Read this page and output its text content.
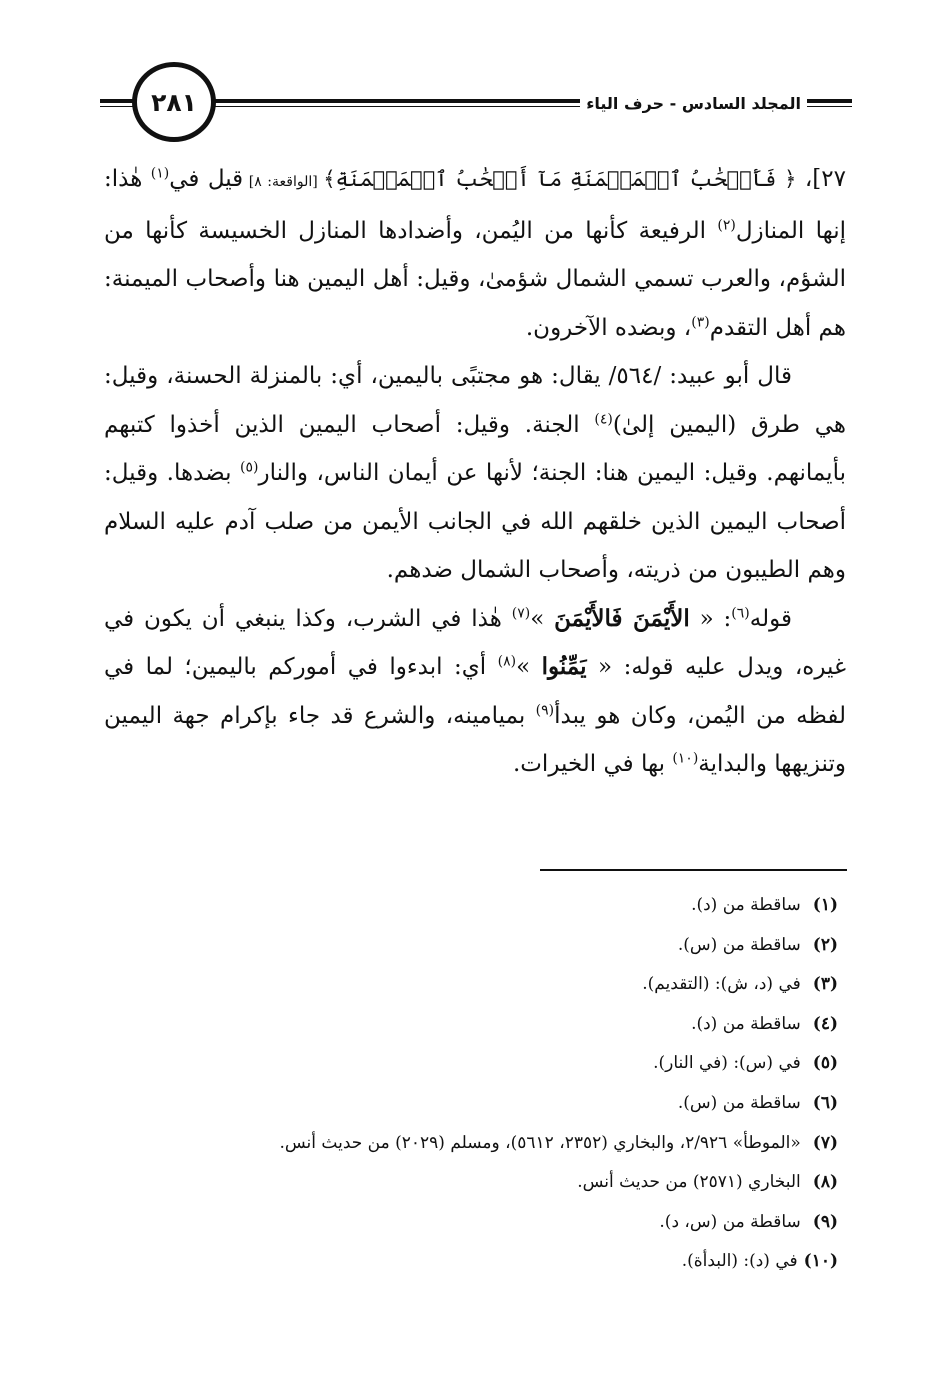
٢٨١	المجلد السادس - حرف الياء

٢٧]، ﴿ فَأَصۡحَٰبُ ٱلۡمَيۡمَنَةِ مَآ أَصۡحَٰبُ ٱلۡمَيۡمَنَةِ﴾ [الواقعة: ٨] قيل في$^{(١)}$ هٰذا: إنها المنازل$^{(٢)}$ الرفيعة كأنها من اليُمن، وأضدادها المنازل الخسيسة كأنها من الشؤم، والعرب تسمي الشمال شؤمیٰ، وقيل: أهل اليمين هنا وأصحاب الميمنة: هم أهل التقدم$^{(٣)}$، وبضده الآخرون.

قال أبو عبيد: /٥٦٤/ يقال: هو مجتبًى باليمين، أي: بالمنزلة الحسنة، وقيل: هي طرق (اليمين إلىٰ)$^{(٤)}$ الجنة. وقيل: أصحاب اليمين الذين أخذوا كتبهم بأيمانهم. وقيل: اليمين هنا: الجنة؛ لأنها عن أيمان الناس، والنار$^{(٥)}$ بضدها. وقيل: أصحاب اليمين الذين خلقهم الله في الجانب الأيمن من صلب آدم عليه السلام وهم الطيبون من ذريته، وأصحاب الشمال ضدهم.

قوله$^{(٦)}$: « الأَيْمَنَ فَالأَيْمَنَ »$^{(٧)}$ هٰذا في الشرب، وكذا ينبغي أن يكون في غيره، ويدل عليه قوله: « يَمِّنُوا »$^{(٨)}$ أي: ابدءوا في أموركم باليمين؛ لما في لفظه من اليُمن، وكان هو يبدأ$^{(٩)}$ بميامينه، والشرع قد جاء بإكرام جهة اليمين وتنزيهها والبداية$^{(١٠)}$ بها في الخيرات.

(١)ساقطة من (د).
(٢)ساقطة من (س).
(٣)في (د، ش): (التقديم).
(٤)ساقطة من (د).
(٥)في (س): (في النار).
(٦)ساقطة من (س).
(٧)«الموطأ» ٢/٩٢٦، والبخاري (٢٣٥٢، ٥٦١٢)، ومسلم (٢٠٢٩) من حديث أنس.
(٨)البخاري (٢٥٧١) من حديث أنس.
(٩)ساقطة من (س، د).
(١٠)في (د): (البدأة).
